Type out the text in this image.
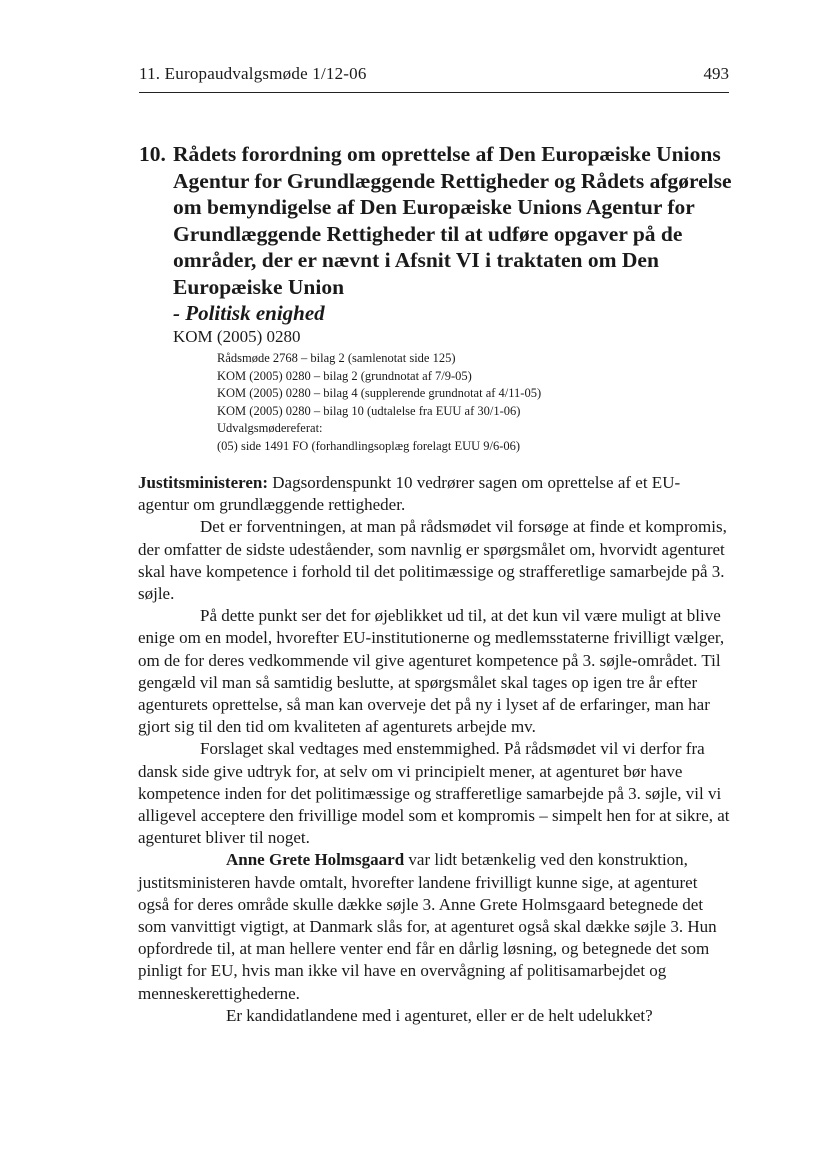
11. Europaudvalgsmøde 1/12-06	493
10. Rådets forordning om oprettelse af Den Europæiske Unions Agentur for Grundlæggende Rettigheder og Rådets afgørelse om bemyndigelse af Den Europæiske Unions Agentur for Grundlæggende Rettigheder til at udføre opgaver på de områder, der er nævnt i Afsnit VI i traktaten om Den Europæiske Union
- Politisk enighed
KOM (2005) 0280
Rådsmøde 2768 – bilag 2 (samlenotat side 125)
KOM (2005) 0280 – bilag 2 (grundnotat af 7/9-05)
KOM (2005) 0280 – bilag 4 (supplerende grundnotat af 4/11-05)
KOM (2005) 0280 – bilag 10 (udtalelse fra EUU af 30/1-06)
Udvalgsmødereferat:
(05) side 1491 FO (forhandlingsoplæg forelagt EUU 9/6-06)

Justitsministeren: Dagsordenspunkt 10 vedrører sagen om oprettelse af et EU-agentur om grundlæggende rettigheder.

Det er forventningen, at man på rådsmødet vil forsøge at finde et kompromis, der omfatter de sidste udeståender, som navnlig er spørgsmålet om, hvorvidt agenturet skal have kompetence i forhold til det politimæssige og strafferetlige samarbejde på 3. søjle.

På dette punkt ser det for øjeblikket ud til, at det kun vil være muligt at blive enige om en model, hvorefter EU-institutionerne og medlemsstaterne frivilligt vælger, om de for deres vedkommende vil give agenturet kompetence på 3. søjle-området. Til gengæld vil man så samtidig beslutte, at spørgsmålet skal tages op igen tre år efter agenturets oprettelse, så man kan overveje det på ny i lyset af de erfaringer, man har gjort sig til den tid om kvaliteten af agenturets arbejde mv.

Forslaget skal vedtages med enstemmighed. På rådsmødet vil vi derfor fra dansk side give udtryk for, at selv om vi principielt mener, at agenturet bør have kompetence inden for det politimæssige og strafferetlige samarbejde på 3. søjle, vil vi alligevel acceptere den frivillige model som et kompromis – simpelt hen for at sikre, at agenturet bliver til noget.

Anne Grete Holmsgaard var lidt betænkelig ved den konstruktion, justitsministeren havde omtalt, hvorefter landene frivilligt kunne sige, at agenturet også for deres område skulle dække søjle 3. Anne Grete Holmsgaard betegnede det som vanvittigt vigtigt, at Danmark slås for, at agenturet også skal dække søjle 3. Hun opfordrede til, at man hellere venter end får en dårlig løsning, og betegnede det som pinligt for EU, hvis man ikke vil have en overvågning af politisamarbejdet og menneskerettighederne.

Er kandidatlandene med i agenturet, eller er de helt udelukket?
